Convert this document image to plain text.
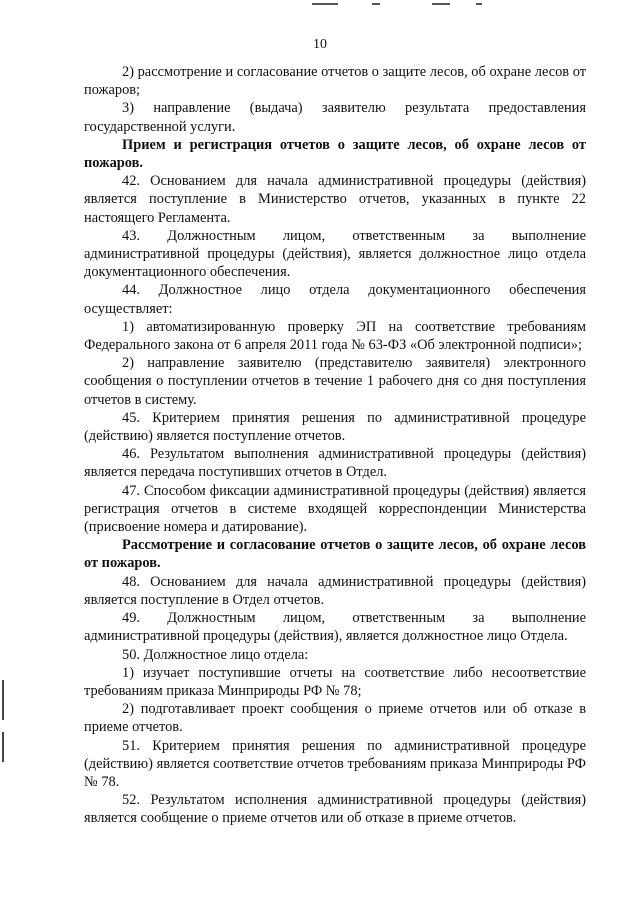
10

2) рассмотрение и согласование отчетов о защите лесов, об охране лесов от пожаров;

3) направление (выдача) заявителю результата предоставления государственной услуги.

Прием и регистрация отчетов о защите лесов, об охране лесов от пожаров.

42. Основанием для начала административной процедуры (действия) является поступление в Министерство отчетов, указанных в пункте 22 настоящего Регламента.

43. Должностным лицом, ответственным за выполнение административной процедуры (действия), является должностное лицо отдела документационного обеспечения.

44. Должностное лицо отдела документационного обеспечения осуществляет:

1) автоматизированную проверку ЭП на соответствие требованиям Федерального закона от 6 апреля 2011 года № 63-ФЗ «Об электронной подписи»;

2) направление заявителю (представителю заявителя) электронного сообщения о поступлении отчетов в течение 1 рабочего дня со дня поступления отчетов в систему.

45. Критерием принятия решения по административной процедуре (действию) является поступление отчетов.

46. Результатом выполнения административной процедуры (действия) является передача поступивших отчетов в Отдел.

47. Способом фиксации административной процедуры (действия) является регистрация отчетов в системе входящей корреспонденции Министерства (присвоение номера и датирование).

Рассмотрение и согласование отчетов о защите лесов, об охране лесов от пожаров.

48. Основанием для начала административной процедуры (действия) является поступление в Отдел отчетов.

49. Должностным лицом, ответственным за выполнение административной процедуры (действия), является должностное лицо Отдела.

50. Должностное лицо отдела:

1) изучает поступившие отчеты на соответствие либо несоответствие требованиям приказа Минприроды РФ № 78;

2) подготавливает проект сообщения о приеме отчетов или об отказе в приеме отчетов.

51. Критерием принятия решения по административной процедуре (действию) является соответствие отчетов требованиям приказа Минприроды РФ № 78.

52. Результатом исполнения административной процедуры (действия) является сообщение о приеме отчетов или об отказе в приеме отчетов.
